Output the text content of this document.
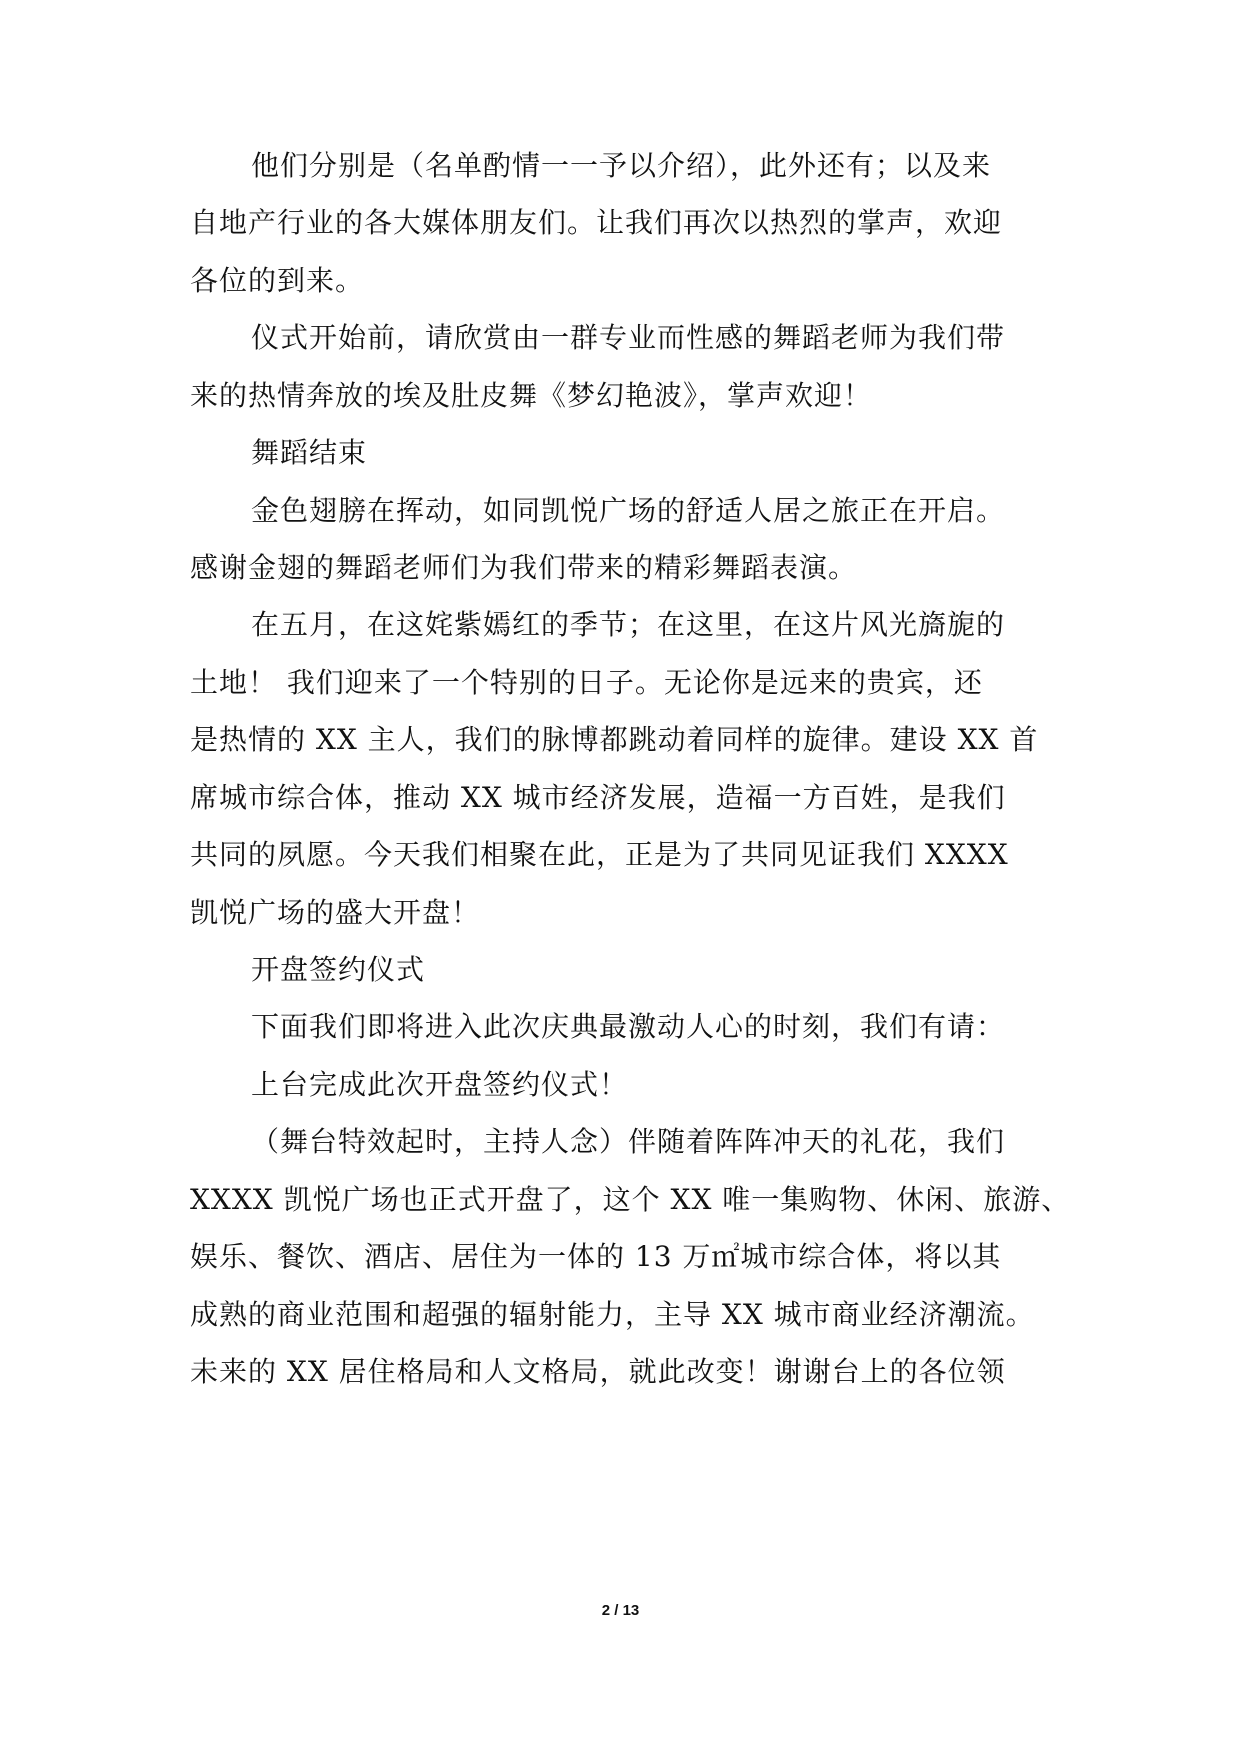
他们分别是（名单酌情一一予以介绍），此外还有；以及来
自地产行业的各大媒体朋友们。让我们再次以热烈的掌声，欢迎
各位的到来。
仪式开始前，请欣赏由一群专业而性感的舞蹈老师为我们带
来的热情奔放的埃及肚皮舞《梦幻艳波》，掌声欢迎！
舞蹈结束
金色翅膀在挥动，如同凯悦广场的舒适人居之旅正在开启。
感谢金翅的舞蹈老师们为我们带来的精彩舞蹈表演。
在五月，在这姹紫嫣红的季节；在这里，在这片风光旖旎的
土地！ 我们迎来了一个特别的日子。无论你是远来的贵宾，还
是热情的 XX 主人，我们的脉博都跳动着同样的旋律。建设 XX 首
席城市综合体，推动 XX 城市经济发展，造福一方百姓，是我们
共同的夙愿。今天我们相聚在此，正是为了共同见证我们 XXXX
凯悦广场的盛大开盘！
开盘签约仪式
下面我们即将进入此次庆典最激动人心的时刻，我们有请：
上台完成此次开盘签约仪式！
（舞台特效起时，主持人念）伴随着阵阵冲天的礼花，我们
XXXX 凯悦广场也正式开盘了，这个 XX 唯一集购物、休闲、旅游、
娱乐、餐饮、酒店、居住为一体的 13 万㎡城市综合体，将以其
成熟的商业范围和超强的辐射能力，主导 XX 城市商业经济潮流。
未来的 XX 居住格局和人文格局，就此改变！谢谢台上的各位领
2 / 13
